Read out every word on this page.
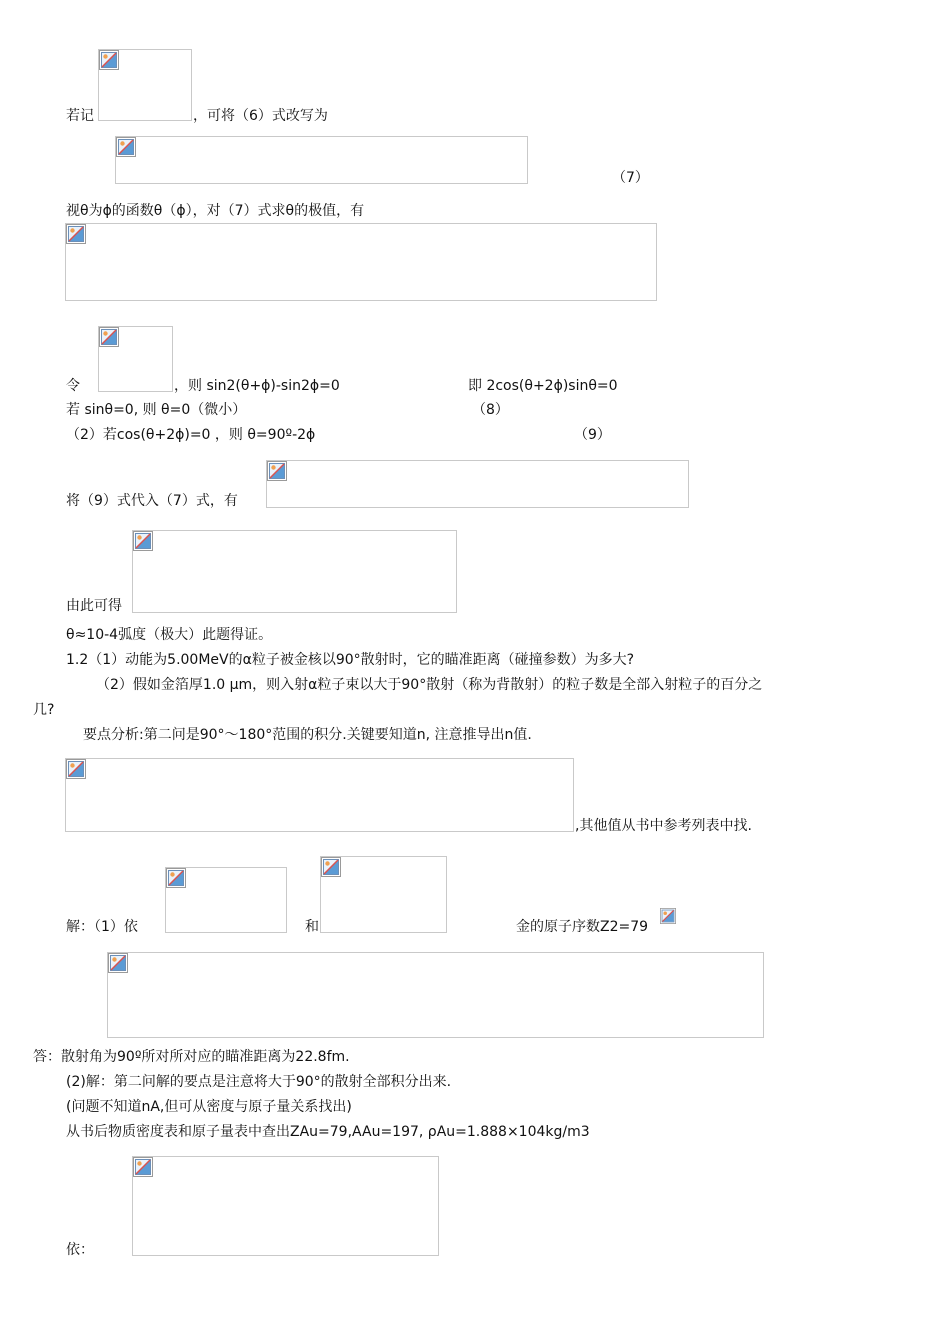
若记	，可将（6）式改写为
（7）
视θ为ϕ的函数θ（ϕ），对（7）式求θ的极值，有
令	，则 sin2(θ+ϕ)-sin2ϕ=0	即 2cos(θ+2ϕ)sinθ=0
若 sinθ=0, 则 θ=0（微小）	（8）
（2）若cos(θ+2ϕ)=0 ，则 θ=90º-2ϕ	（9）
将（9）式代入（7）式，有
由此可得
θ≈10-4弧度（极大）此题得证。
1.2（1）动能为5.00MeV的α粒子被金核以90°散射时，它的瞄准距离（碰撞参数）为多大?
（2）假如金箔厚1.0 μm，则入射α粒子束以大于90°散射（称为背散射）的粒子数是全部入射粒子的百分之
几?
要点分析:第二问是90°～180°范围的积分.关键要知道n, 注意推导出n值.
,其他值从书中参考列表中找.
解：（1）依	和	金的原子序数Z2=79
答：散射角为90º所对所对应的瞄准距离为22.8fm.
(2)解：第二问解的要点是注意将大于90°的散射全部积分出来.
(问题不知道nA,但可从密度与原子量关系找出)
从书后物质密度表和原子量表中查出ZAu=79,AAu=197, ρAu=1.888×104kg/m3
依：
